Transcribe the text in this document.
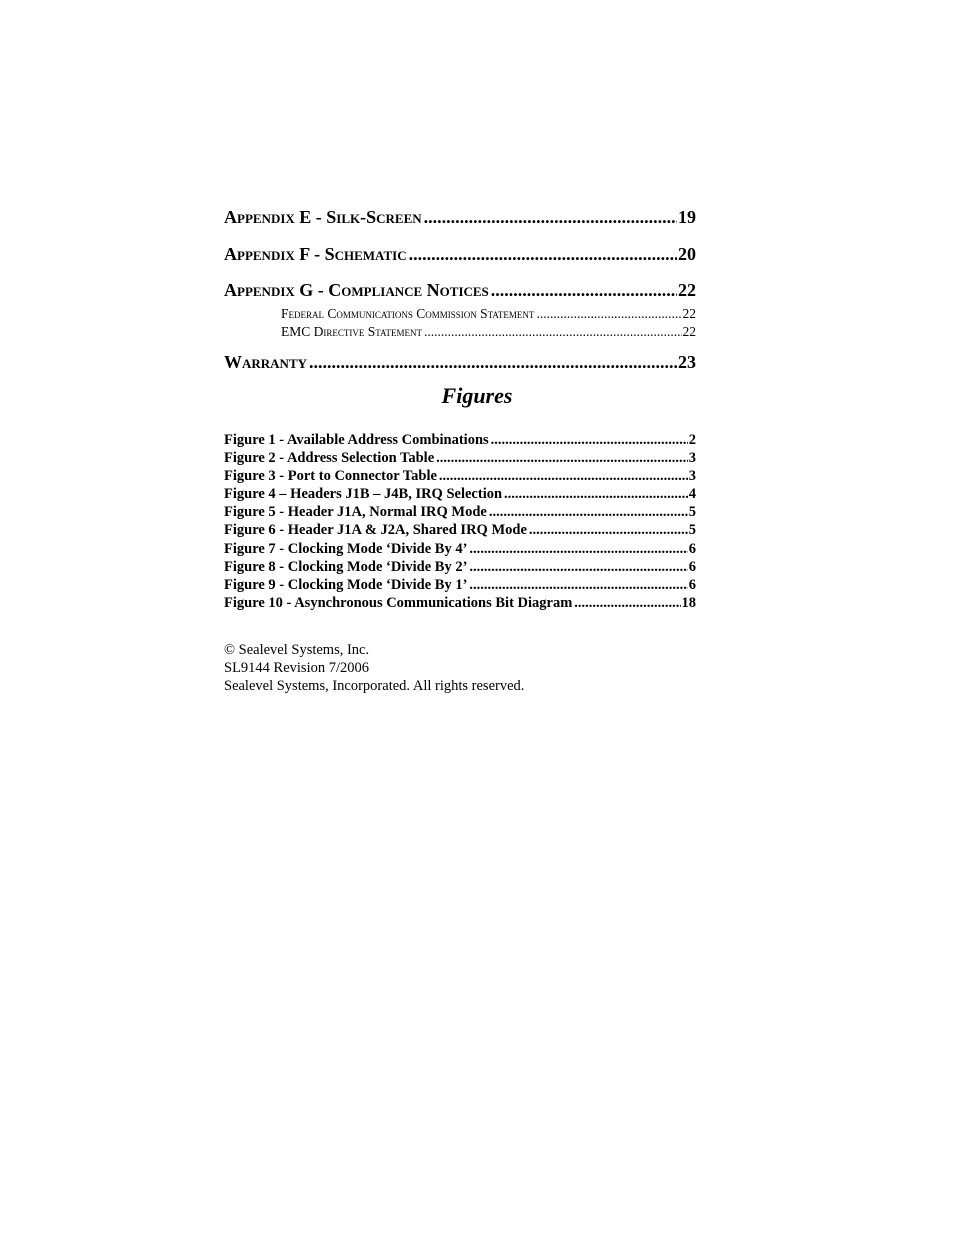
Appendix E - Silk-Screen .....	19
Appendix F - Schematic .....	20
Appendix G - Compliance Notices .....	22
Federal Communications Commission Statement .....	22
EMC Directive Statement .....	22
Warranty .....	23
Figures
Figure 1 - Available Address Combinations .....	2
Figure 2 - Address Selection Table .....	3
Figure 3 - Port to Connector Table .....	3
Figure 4 – Headers J1B – J4B, IRQ Selection .....	4
Figure 5 - Header J1A, Normal IRQ Mode .....	5
Figure 6 - Header J1A & J2A, Shared IRQ Mode .....	5
Figure 7 - Clocking Mode ‘Divide By 4’ .....	6
Figure 8 - Clocking Mode ‘Divide By 2’ .....	6
Figure 9 - Clocking Mode ‘Divide By 1’ .....	6
Figure 10 - Asynchronous Communications Bit Diagram .....	18
© Sealevel Systems, Inc.
SL9144 Revision 7/2006
Sealevel Systems, Incorporated. All rights reserved.
